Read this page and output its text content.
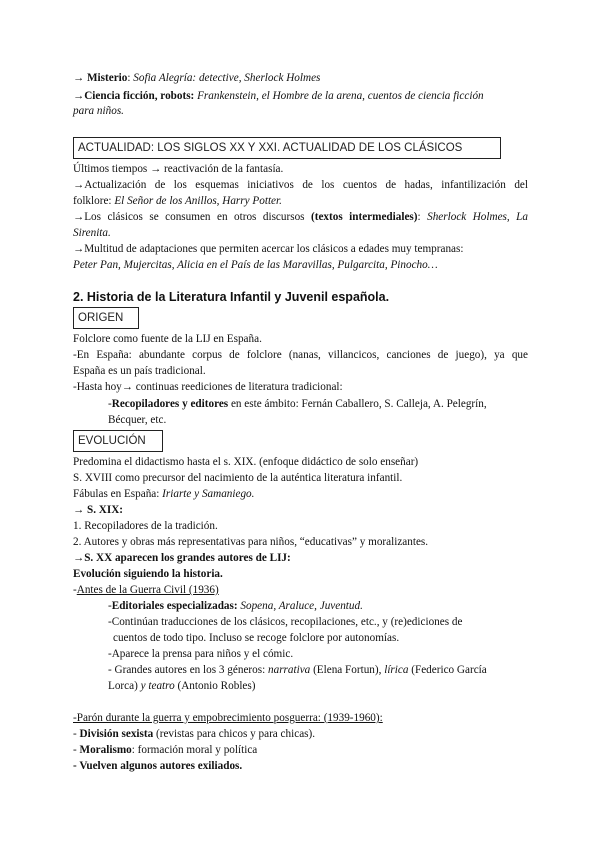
→ Misterio: Sofia Alegría: detective, Sherlock Holmes
→Ciencia ficción, robots: Frankenstein, el Hombre de la arena, cuentos de ciencia ficción
para niños.
ACTUALIDAD: LOS SIGLOS XX Y XXI. ACTUALIDAD DE LOS CLÁSICOS
Últimos tiempos → reactivación de la fantasía.
→Actualización de los esquemas iniciativos de los cuentos de hadas, infantilización del
folklore: El Señor de los Anillos, Harry Potter.
→Los clásicos se consumen en otros discursos (textos intermediales): Sherlock Holmes, La
Sirenita.
→Multitud de adaptaciones que permiten acercar los clásicos a edades muy tempranas:
Peter Pan, Mujercitas, Alicia en el País de las Maravillas, Pulgarcita, Pinocho…
2. Historia de la Literatura Infantil y Juvenil española.
ORIGEN
Folclore como fuente de la LIJ en España.
-En España: abundante corpus de folclore (nanas, villancicos, canciones de juego), ya que
España es un país tradicional.
-Hasta hoy→ continuas reediciones de literatura tradicional:
-Recopiladores y editores en este ámbito: Fernán Caballero, S. Calleja, A. Pelegrín,
Bécquer, etc.
EVOLUCIÓN
Predomina el didactismo hasta el s. XIX. (enfoque didáctico de solo enseñar)
S. XVIII como precursor del nacimiento de la auténtica literatura infantil.
Fábulas en España: Iriarte y Samaniego.
→ S. XIX:
1. Recopiladores de la tradición.
2. Autores y obras más representativas para niños, “educativas” y moralizantes.
→S. XX aparecen los grandes autores de LIJ:
Evolución siguiendo la historia.
-Antes de la Guerra Civil (1936)
-Editoriales especializadas: Sopena, Araluce, Juventud.
-Continúan traducciones de los clásicos, recopilaciones, etc., y (re)ediciones de
cuentos de todo tipo. Incluso se recoge folclore por autonomías.
-Aparece la prensa para niños y el cómic.
- Grandes autores en los 3 géneros: narrativa (Elena Fortun), lírica (Federico García
Lorca) y teatro (Antonio Robles)
-Parón durante la guerra y empobrecimiento posguerra: (1939-1960):
- División sexista (revistas para chicos y para chicas).
- Moralismo: formación moral y política
- Vuelven algunos autores exiliados.
